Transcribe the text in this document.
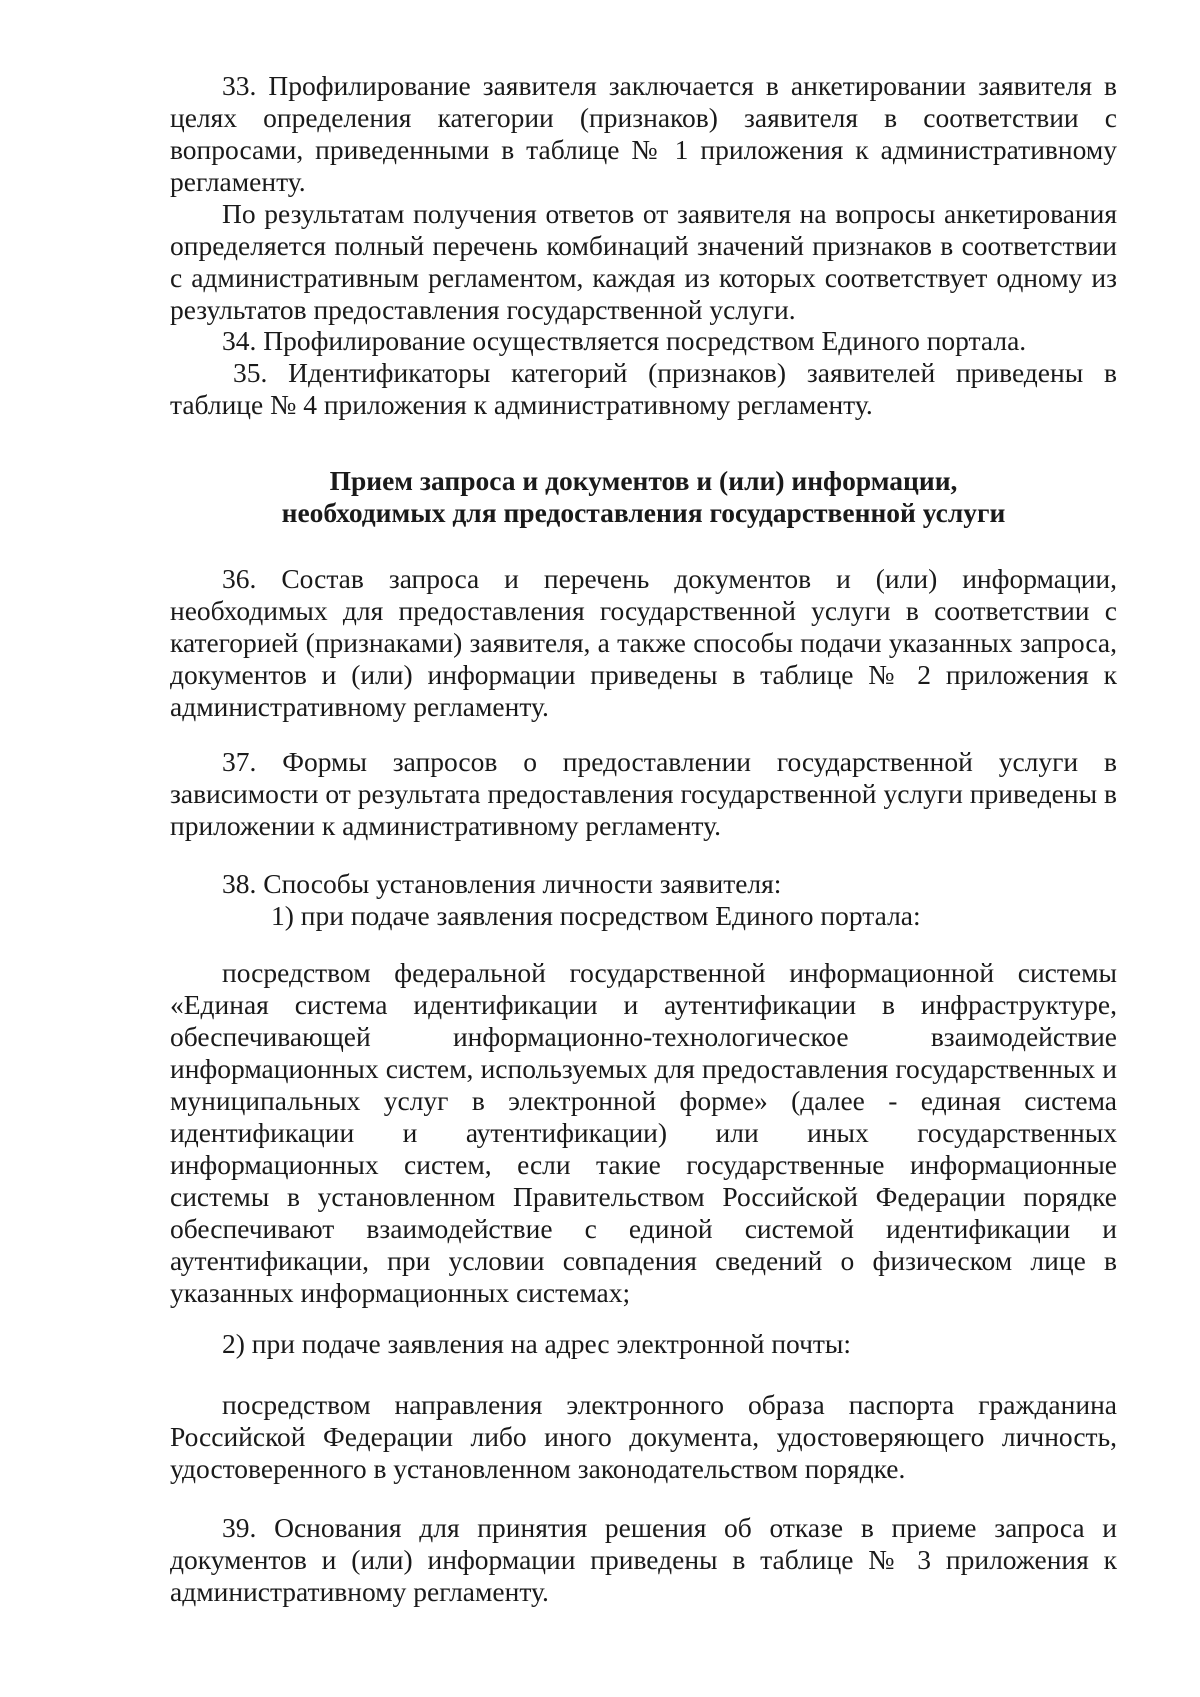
33. Профилирование заявителя заключается в анкетировании заявителя в целях определения категории (признаков) заявителя в соответствии с вопросами, приведенными в таблице № 1 приложения к административному регламенту.

По результатам получения ответов от заявителя на вопросы анкетирования определяется полный перечень комбинаций значений признаков в соответствии с административным регламентом, каждая из которых соответствует одному из результатов предоставления государственной услуги.

34. Профилирование осуществляется посредством Единого портала.

35. Идентификаторы категорий (признаков) заявителей приведены в таблице № 4 приложения к административному регламенту.

Прием запроса и документов и (или) информации,

необходимых для предоставления государственной услуги

36. Состав запроса и перечень документов и (или) информации, необходимых для предоставления государственной услуги в соответствии с категорией (признаками) заявителя, а также способы подачи указанных запроса, документов и (или) информации приведены в таблице № 2 приложения к административному регламенту.

37. Формы запросов о предоставлении государственной услуги в зависимости от результата предоставления государственной услуги приведены в приложении к административному регламенту.

38. Способы установления личности заявителя:

1) при подаче заявления посредством Единого портала:

посредством федеральной государственной информационной системы «Единая система идентификации и аутентификации в инфраструктуре, обеспечивающей информационно-технологическое взаимодействие информационных систем, используемых для предоставления государственных и муниципальных услуг в электронной форме» (далее - единая система идентификации и аутентификации) или иных государственных информационных систем, если такие государственные информационные системы в установленном Правительством Российской Федерации порядке обеспечивают взаимодействие с единой системой идентификации и аутентификации, при условии совпадения сведений о физическом лице в указанных информационных системах;

2) при подаче заявления на адрес электронной почты:

посредством направления электронного образа паспорта гражданина Российской Федерации либо иного документа, удостоверяющего личность, удостоверенного в установленном законодательством порядке.

39. Основания для принятия решения об отказе в приеме запроса и документов и (или) информации приведены в таблице № 3 приложения к административному регламенту.
